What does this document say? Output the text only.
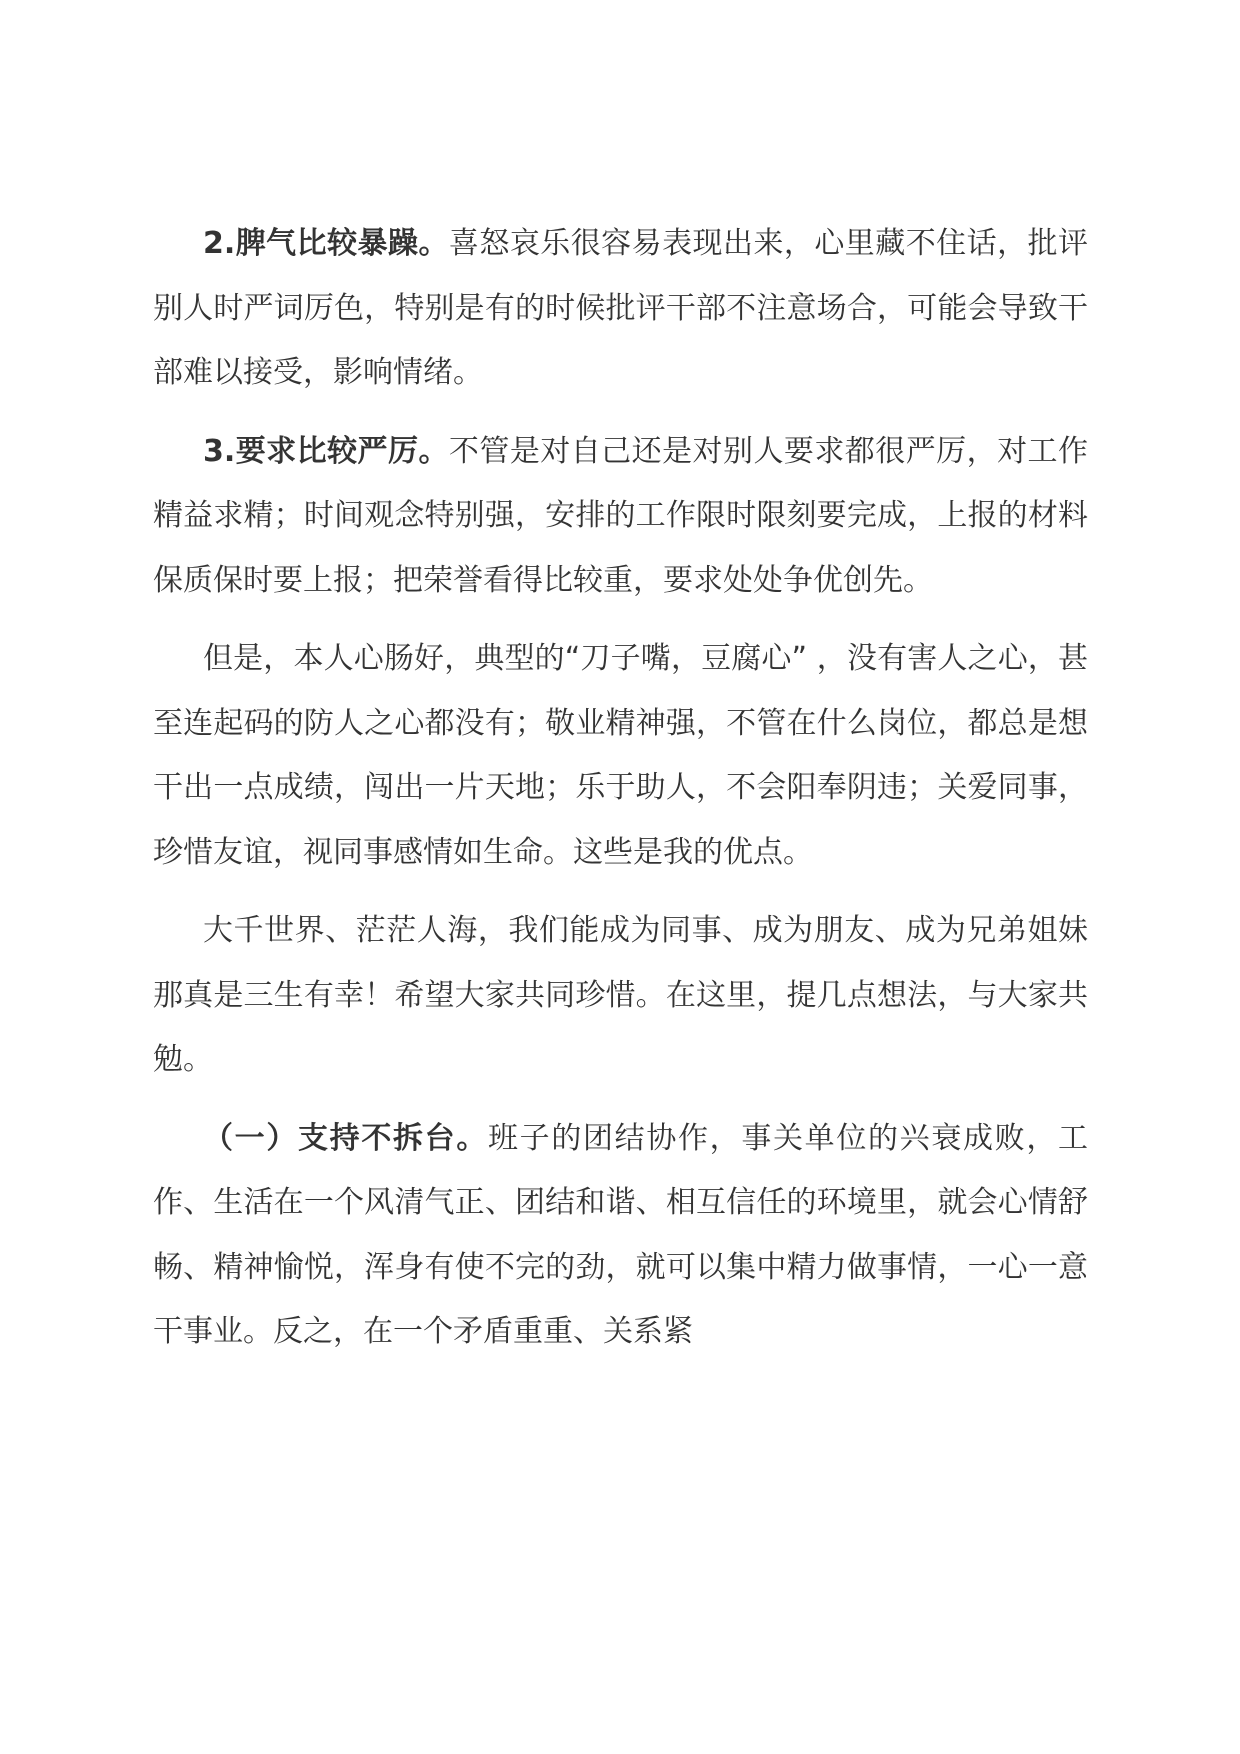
2.脾气比较暴躁。喜怒哀乐很容易表现出来，心里藏不住话，批评别人时严词厉色，特别是有的时候批评干部不注意场合，可能会导致干部难以接受，影响情绪。

3.要求比较严厉。不管是对自己还是对别人要求都很严厉，对工作精益求精；时间观念特别强，安排的工作限时限刻要完成，上报的材料保质保时要上报；把荣誉看得比较重，要求处处争优创先。

但是，本人心肠好，典型的“刀子嘴，豆腐心” ，没有害人之心，甚至连起码的防人之心都没有；敬业精神强，不管在什么岗位，都总是想干出一点成绩，闯出一片天地；乐于助人，不会阳奉阴违；关爱同事，珍惜友谊，视同事感情如生命。这些是我的优点。

大千世界、茫茫人海，我们能成为同事、成为朋友、成为兄弟姐妹那真是三生有幸！希望大家共同珍惜。在这里，提几点想法，与大家共勉。

（一）支持不拆台。班子的团结协作，事关单位的兴衰成败，工作、生活在一个风清气正、团结和谐、相互信任的环境里，就会心情舒畅、精神愉悦，浑身有使不完的劲，就可以集中精力做事情，一心一意干事业。反之，在一个矛盾重重、关系紧
